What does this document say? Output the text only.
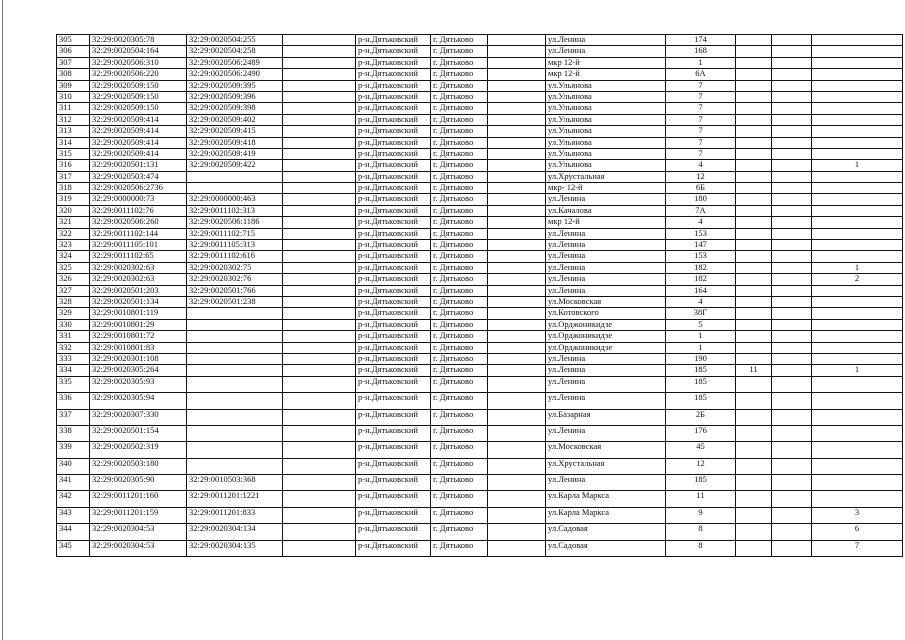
305	32:29:0020305:78	32:29:0020504:255		р-н.Дятьковский	г. Дятьково		ул.Ленина	174			
306	32:29:0020504:164	32:29:0020504:258		р-н.Дятьковский	г. Дятьково		ул.Ленина	168			
307	32:29:0020506:310	32:29:0020506:2489		р-н.Дятьковский	г. Дятьково		мкр 12-й	1			
308	32:29:0020506:220	32:29:0020506:2490		р-н.Дятьковский	г. Дятьково		мкр 12-й	6А			
309	32:29:0020509:150	32:29:0020509:395		р-н.Дятьковский	г. Дятьково		ул.Ульянова	7			
310	32:29:0020509:150	32:29:0020509:396		р-н.Дятьковский	г. Дятьково		ул.Ульянова	7			
311	32:29:0020509:150	32:29:0020509:398		р-н.Дятьковский	г. Дятьково		ул.Ульянова	7			
312	32:29:0020509:414	32:29:0020509:402		р-н.Дятьковский	г. Дятьково		ул.Ульянова	7			
313	32:29:0020509:414	32:29:0020509:415		р-н.Дятьковский	г. Дятьково		ул.Ульянова	7			
314	32:29:0020509:414	32:29:0020509:418		р-н.Дятьковский	г. Дятьково		ул.Ульянова	7			
315	32:29:0020509:414	32:29:0020509:419		р-н.Дятьковский	г. Дятьково		ул.Ульянова	7			
316	32:29:0020501:131	32:29:0020509:422		р-н.Дятьковский	г. Дятьково		ул.Ульянова	4			1
317	32:29:0020503:474			р-н.Дятьковский	г. Дятьково		ул.Хрустальная	12			
318	32:29:0020506:2736			р-н.Дятьковский	г. Дятьково		мкр- 12-й	6Б			
319	32:29:0000000:73	32:29:0000000:463		р-н.Дятьковский	г. Дятьково		ул.Ленина	180			
320	32:29:0011102:76	32:29:0011102:313		р-н.Дятьковский	г. Дятьково		ул.Качалова	7А			
321	32:29:0020506:260	32:29:0020506:1186		р-н.Дятьковский	г. Дятьково		мкр 12-й	4			
322	32:29:0011102:144	32:29:0011102:715		р-н.Дятьковский	г. Дятьково		ул.Ленина	153			
323	32:29:0011105:101	32:29:0011105:313		р-н.Дятьковский	г. Дятьково		ул.Ленина	147			
324	32:29:0011102:65	32:29:0011102:616		р-н.Дятьковский	г. Дятьково		ул.Ленина	153			
325	32:29:0020302:63	32:29:0020302:75		р-н.Дятьковский	г. Дятьково		ул.Ленина	182			1
326	32:29:0020302:63	32:29:0020302:76		р-н.Дятьковский	г. Дятьково		ул.Ленина	182			2
327	32:29:0020501:203	32:29:0020501:766		р-н.Дятьковский	г. Дятьково		ул.Ленина	164			
328	32:29:0020501:134	32:29:0020501:238		р-н.Дятьковский	г. Дятьково		ул.Московская	4			
329	32:29:0010801:119			р-н.Дятьковский	г. Дятьково		ул.Котовского	38Г			
330	32:29:0010801:29			р-н.Дятьковский	г. Дятьково		ул.Орджоникидзе	5			
331	32:29:0010801:72			р-н.Дятьковский	г. Дятьково		ул.Орджоникидзе	1			
332	32:29:0010801:83			р-н.Дятьковский	г. Дятьково		ул.Орджоникидзе	1			
333	32:29:0020301:108			р-н.Дятьковский	г. Дятьково		ул.Ленина	190			
334	32:29:0020305:264			р-н.Дятьковский	г. Дятьково		ул.Ленина	185	11		1
335	32:29:0020305:93			р-н.Дятьковский	г. Дятьково		ул.Ленина	185			
336	32:29:0020305:94			р-н.Дятьковский	г. Дятьково		ул.Ленина	185			
337	32:29:0020307:330			р-н.Дятьковский	г. Дятьково		ул.Базарная	2Б			
338	32:29:0020501:154			р-н.Дятьковский	г. Дятьково		ул.Ленина	176			
339	32:29:0020502:319			р-н.Дятьковский	г. Дятьково		ул.Московская	45			
340	32:29:0020503:180			р-н.Дятьковский	г. Дятьково		ул.Хрустальная	12			
341	32:29:0020305:90	32:29:0010503:368		р-н.Дятьковский	г. Дятьково		ул.Ленина	185			
342	32:29:0011201:160	32:29:0011201:1221		р-н.Дятьковский	г. Дятьково		ул.Карла Маркса	11			
343	32:29:0011201:159	32:29:0011201:833		р-н.Дятьковский	г. Дятьково		ул.Карла Маркса	9			3
344	32:29:0020304:53	32:29:0020304:134		р-н.Дятьковский	г. Дятьково		ул.Садовая	8			6
345	32:29:0020304:53	32:29:0020304:135		р-н.Дятьковский	г. Дятьково		ул.Садовая	8			7
